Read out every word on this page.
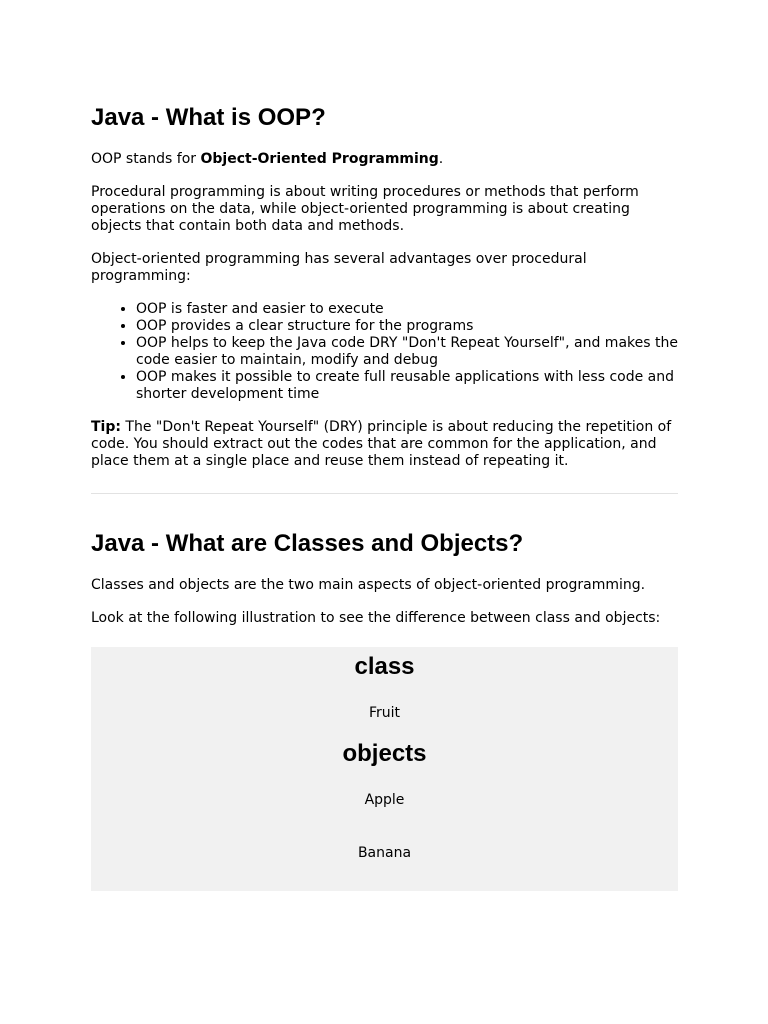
Java - What is OOP?

OOP stands for Object-Oriented Programming.

Procedural programming is about writing procedures or methods that perform operations on the data, while object-oriented programming is about creating objects that contain both data and methods.

Object-oriented programming has several advantages over procedural programming:

• OOP is faster and easier to execute
• OOP provides a clear structure for the programs
• OOP helps to keep the Java code DRY "Don't Repeat Yourself", and makes the code easier to maintain, modify and debug
• OOP makes it possible to create full reusable applications with less code and shorter development time

Tip: The "Don't Repeat Yourself" (DRY) principle is about reducing the repetition of code. You should extract out the codes that are common for the application, and place them at a single place and reuse them instead of repeating it.

Java - What are Classes and Objects?

Classes and objects are the two main aspects of object-oriented programming.

Look at the following illustration to see the difference between class and objects:

class
Fruit
objects
Apple
Banana
